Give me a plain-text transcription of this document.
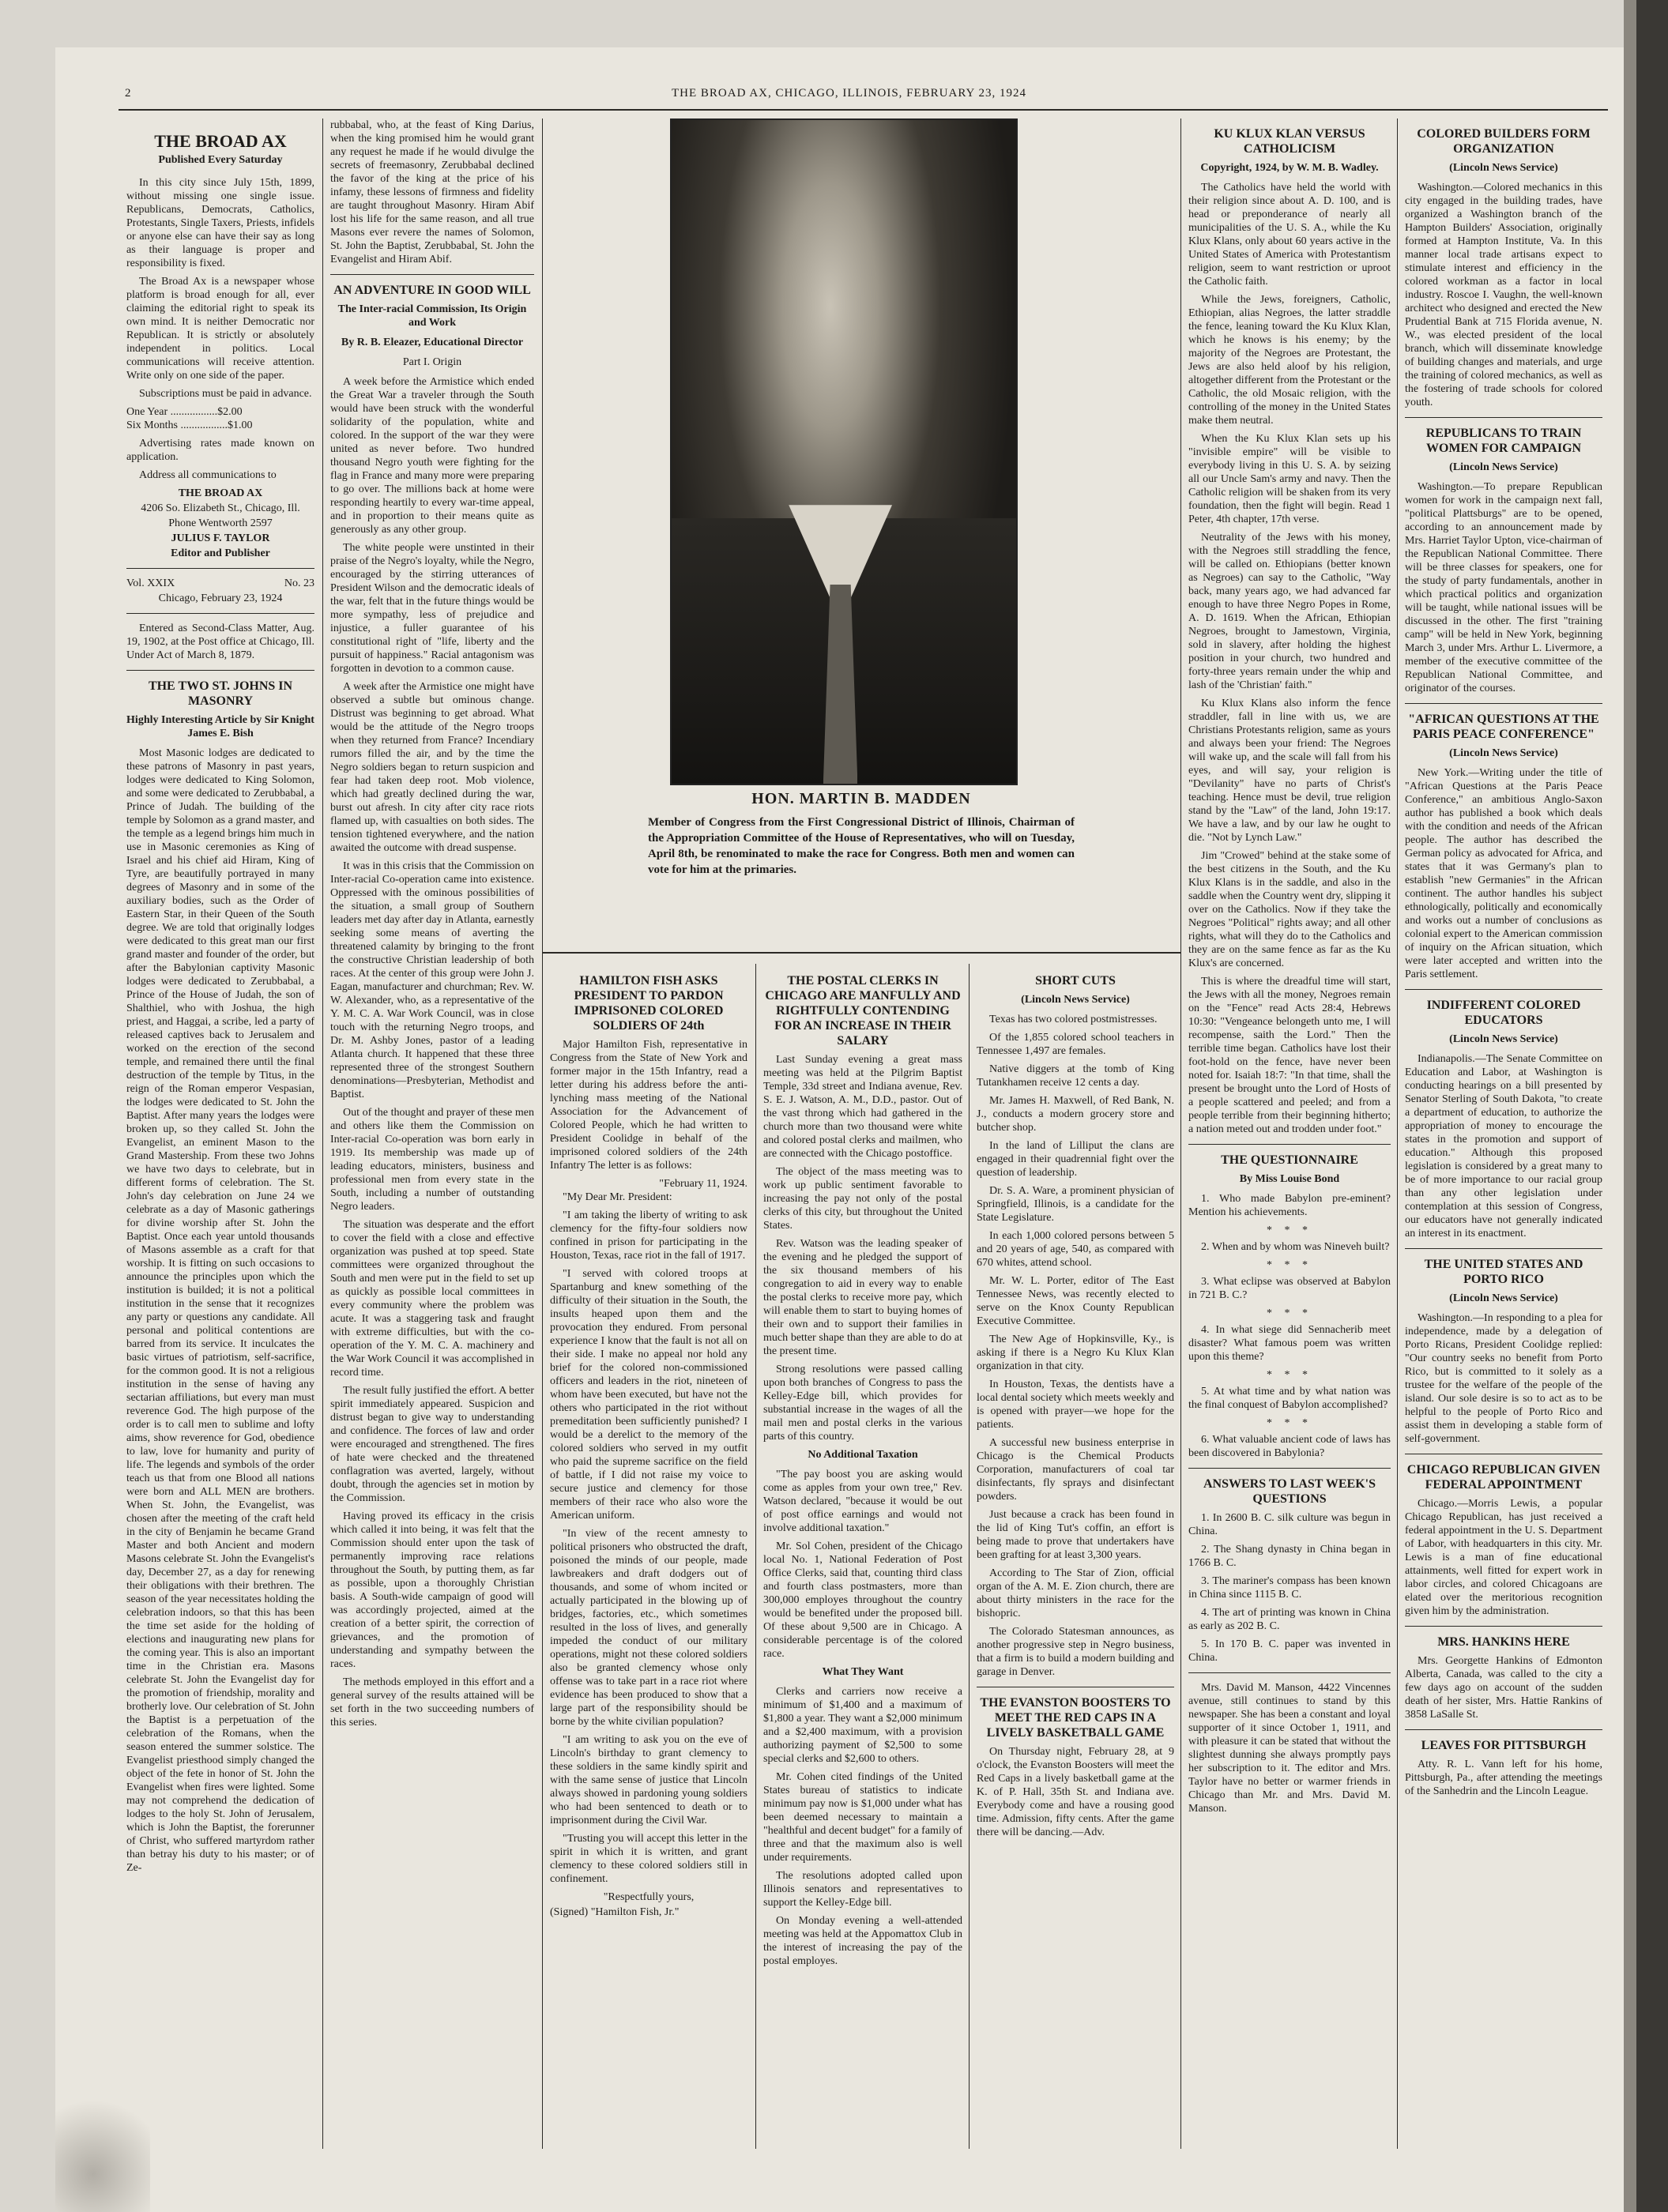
2	THE BROAD AX, CHICAGO, ILLINOIS, FEBRUARY 23, 1924
THE BROAD AX
Published Every Saturday

In this city since July 15th, 1899, without missing one single issue. Republicans, Democrats, Catholics, Protestants, Single Taxers, Priests, infidels or anyone else can have their say as long as their language is proper and responsibility is fixed.

The Broad Ax is a newspaper whose platform is broad enough for all, ever claiming the editorial right to speak its own mind. It is neither Democratic nor Republican. It is strictly or absolutely independent in politics. Local communications will receive attention. Write only on one side of the paper.

Subscriptions must be paid in advance.

One Year .................$2.00
Six Months .................$1.00

Advertising rates made known on application.

Address all communications to

THE BROAD AX
4206 So. Elizabeth St., Chicago, Ill.
Phone Wentworth 2597
JULIUS F. TAYLOR
Editor and Publisher
Vol. XXIX	No. 23
Chicago, February 23, 1924

Entered as Second-Class Matter, Aug. 19, 1902, at the Post office at Chicago, Ill. Under Act of March 8, 1879.

THE TWO ST. JOHNS IN MASONRY
Highly Interesting Article by Sir Knight James E. Bish

Most Masonic lodges are dedicated to these patrons of Masonry in past years, lodges were dedicated to King Solomon, and some were dedicated to Zerubbabal, a Prince of Judah. The building of the temple by Solomon as a grand master, and the temple as a legend brings him much in use in Masonic ceremonies as King of Israel and his chief aid Hiram, King of Tyre, are beautifully portrayed in many degrees of Masonry and in some of the auxiliary bodies, such as the Order of Eastern Star, in their Queen of the South degree. We are told that originally lodges were dedicated to this great man our first grand master and founder of the order, but after the Babylonian captivity Masonic lodges were dedicated to Zerubbabal, a Prince of the House of Judah, the son of Shalthiel, who with Joshua, the high priest, and Haggai, a scribe, led a party of released captives back to Jerusalem and worked on the erection of the second temple, and remained there until the final destruction of the temple by Titus, in the reign of the Roman emperor Vespasian, the lodges were dedicated to St. John the Baptist. After many years the lodges were broken up, so they called St. John the Evangelist, an eminent Mason to the Grand Mastership. From these two Johns we have two days to celebrate, but in different forms of celebration. The St. John's day celebration on June 24 we celebrate as a day of Masonic gatherings for divine worship after St. John the Baptist. Once each year untold thousands of Masons assemble as a craft for that worship. It is fitting on such occasions to announce the principles upon which the institution is builded; it is not a political institution in the sense that it recognizes any party or questions any candidate. All personal and political contentions are barred from its service. It inculcates the basic virtues of patriotism, self-sacrifice, for the common good. It is not a religious institution in the sense of having any sectarian affiliations, but every man must reverence God. The high purpose of the order is to call men to sublime and lofty aims, show reverence for God, obedience to law, love for humanity and purity of life. The legends and symbols of the order teach us that from one Blood all nations were born and ALL MEN are brothers. When St. John, the Evangelist, was chosen after the meeting of the craft held in the city of Benjamin he became Grand Master and both Ancient and modern Masons celebrate St. John the Evangelist's day, December 27, as a day for renewing their obligations with their brethren. The season of the year necessitates holding the celebration indoors, so that this has been the time set aside for the holding of elections and inaugurating new plans for the coming year. This is also an important time in the Christian era. Masons celebrate St. John the Evangelist day for the promotion of friendship, morality and brotherly love. Our celebration of St. John the Baptist is a perpetuation of the celebration of the Romans, when the season entered the summer solstice. The Evangelist priesthood simply changed the object of the fete in honor of St. John the Evangelist when fires were lighted. Some may not comprehend the dedication of lodges to the holy St. John of Jerusalem, which is John the Baptist, the forerunner of Christ, who suffered martyrdom rather than betray his duty to his master; or of Ze-

rubbabal, who, at the feast of King Darius, when the king promised him he would grant any request he made if he would divulge the secrets of freemasonry, Zerubbabal declined the favor of the king at the price of his infamy, these lessons of firmness and fidelity are taught throughout Masonry. Hiram Abif lost his life for the same reason, and all true Masons ever revere the names of Solomon, St. John the Baptist, Zerubbabal, St. John the Evangelist and Hiram Abif.

AN ADVENTURE IN GOOD WILL
The Inter-racial Commission, Its Origin and Work
By R. B. Eleazer, Educational Director
Part I. Origin

A week before the Armistice which ended the Great War a traveler through the South would have been struck with the wonderful solidarity of the population, white and colored. In the support of the war they were united as never before. Two hundred thousand Negro youth were fighting for the flag in France and many more were preparing to go over. The millions back at home were responding heartily to every war-time appeal, and in proportion to their means quite as generously as any other group.

The white people were unstinted in their praise of the Negro's loyalty, while the Negro, encouraged by the stirring utterances of President Wilson and the democratic ideals of the war, felt that in the future things would be more sympathy, less of prejudice and injustice, a fuller guarantee of his constitutional right of "life, liberty and the pursuit of happiness." Racial antagonism was forgotten in devotion to a common cause.

A week after the Armistice one might have observed a subtle but ominous change. Distrust was beginning to get abroad. What would be the attitude of the Negro troops when they returned from France? Incendiary rumors filled the air, and by the time the Negro soldiers began to return suspicion and fear had taken deep root. Mob violence, which had greatly declined during the war, burst out afresh. In city after city race riots flamed up, with casualties on both sides. The tension tightened everywhere, and the nation awaited the outcome with dread suspense.

It was in this crisis that the Commission on Inter-racial Co-operation came into existence. Oppressed with the ominous possibilities of the situation, a small group of Southern leaders met day after day in Atlanta, earnestly seeking some means of averting the threatened calamity by bringing to the front the constructive Christian leadership of both races. At the center of this group were John J. Eagan, manufacturer and churchman; Rev. W. W. Alexander, who, as a representative of the Y. M. C. A. War Work Council, was in close touch with the returning Negro troops, and Dr. M. Ashby Jones, pastor of a leading Atlanta church. It happened that these three represented three of the strongest Southern denominations—Presbyterian, Methodist and Baptist.

Out of the thought and prayer of these men and others like them the Commission on Inter-racial Co-operation was born early in 1919. Its membership was made up of leading educators, ministers, business and professional men from every state in the South, including a number of outstanding Negro leaders.

The situation was desperate and the effort to cover the field with a close and effective organization was pushed at top speed. State committees were organized throughout the South and men were put in the field to set up as quickly as possible local committees in every community where the problem was acute. It was a staggering task and fraught with extreme difficulties, but with the co-operation of the Y. M. C. A. machinery and the War Work Council it was accomplished in record time.

The result fully justified the effort. A better spirit immediately appeared. Suspicion and distrust began to give way to understanding and confidence. The forces of law and order were encouraged and strengthened. The fires of hate were checked and the threatened conflagration was averted, largely, without doubt, through the agencies set in motion by the Commission.

Having proved its efficacy in the crisis which called it into being, it was felt that the Commission should enter upon the task of permanently improving race relations throughout the South, by putting them, as far as possible, upon a thoroughly Christian basis. A South-wide campaign of good will was accordingly projected, aimed at the creation of a better spirit, the correction of grievances, and the promotion of understanding and sympathy between the races.

The methods employed in this effort and a general survey of the results attained will be set forth in the two succeeding numbers of this series.

HON. MARTIN B. MADDEN
Member of Congress from the First Congressional District of Illinois, Chairman of the Appropriation Committee of the House of Representatives, who will on Tuesday, April 8th, be renominated to make the race for Congress. Both men and women can vote for him at the primaries.
HAMILTON FISH ASKS PRESIDENT TO PARDON IMPRISONED COLORED SOLDIERS OF 24th

Major Hamilton Fish, representative in Congress from the State of New York and former major in the 15th Infantry, read a letter during his address before the anti-lynching mass meeting of the National Association for the Advancement of Colored People, which he had written to President Coolidge in behalf of the imprisoned colored soldiers of the 24th Infantry The letter is as follows:

"February 11, 1924.

"My Dear Mr. President:

"I am taking the liberty of writing to ask clemency for the fifty-four soldiers now confined in prison for participating in the Houston, Texas, race riot in the fall of 1917.

"I served with colored troops at Spartanburg and knew something of the difficulty of their situation in the South, the insults heaped upon them and the provocation they endured. From personal experience I know that the fault is not all on their side. I make no appeal nor hold any brief for the colored non-commissioned officers and leaders in the riot, nineteen of whom have been executed, but have not the others who participated in the riot without premeditation been sufficiently punished? I would be a derelict to the memory of the colored soldiers who served in my outfit who paid the supreme sacrifice on the field of battle, if I did not raise my voice to secure justice and clemency for those members of their race who also wore the American uniform.

"In view of the recent amnesty to political prisoners who obstructed the draft, poisoned the minds of our people, made lawbreakers and draft dodgers out of thousands, and some of whom incited or actually participated in the blowing up of bridges, factories, etc., which sometimes resulted in the loss of lives, and generally impeded the conduct of our military operations, might not these colored soldiers also be granted clemency whose only offense was to take part in a race riot where evidence has been produced to show that a large part of the responsibility should be borne by the white civilian population?

"I am writing to ask you on the eve of Lincoln's birthday to grant clemency to these soldiers in the same kindly spirit and with the same sense of justice that Lincoln always showed in pardoning young soldiers who had been sentenced to death or to imprisonment during the Civil War.

"Trusting you will accept this letter in the spirit in which it is written, and grant clemency to these colored soldiers still in confinement.

"Respectfully yours,
(Signed) "Hamilton Fish, Jr."
THE POSTAL CLERKS IN CHICAGO ARE MANFULLY AND RIGHTFULLY CONTENDING FOR AN INCREASE IN THEIR SALARY

Last Sunday evening a great mass meeting was held at the Pilgrim Baptist Temple, 33d street and Indiana avenue, Rev. S. E. J. Watson, A. M., D.D., pastor. Out of the vast throng which had gathered in the church more than two thousand were white and colored postal clerks and mailmen, who are connected with the Chicago postoffice.

The object of the mass meeting was to work up public sentiment favorable to increasing the pay not only of the postal clerks of this city, but throughout the United States.

Rev. Watson was the leading speaker of the evening and he pledged the support of the six thousand members of his congregation to aid in every way to enable the postal clerks to receive more pay, which will enable them to start to buying homes of their own and to support their families in much better shape than they are able to do at the present time.

Strong resolutions were passed calling upon both branches of Congress to pass the Kelley-Edge bill, which provides for substantial increase in the wages of all the mail men and postal clerks in the various parts of this country.

No Additional Taxation

"The pay boost you are asking would come as apples from your own tree," Rev. Watson declared, "because it would be out of post office earnings and would not involve additional taxation."

Mr. Sol Cohen, president of the Chicago local No. 1, National Federation of Post Office Clerks, said that, counting third class and fourth class postmasters, more than 300,000 employes throughout the country would be benefited under the proposed bill. Of these about 9,500 are in Chicago. A considerable percentage is of the colored race.

What They Want

Clerks and carriers now receive a minimum of $1,400 and a maximum of $1,800 a year. They want a $2,000 minimum and a $2,400 maximum, with a provision authorizing payment of $2,500 to some special clerks and $2,600 to others.

Mr. Cohen cited findings of the United States bureau of statistics to indicate minimum pay now is $1,000 under what has been deemed necessary to maintain a "healthful and decent budget" for a family of three and that the maximum also is well under requirements.

The resolutions adopted called upon Illinois senators and representatives to support the Kelley-Edge bill.

On Monday evening a well-attended meeting was held at the Appomattox Club in the interest of increasing the pay of the postal employes.

SHORT CUTS
(Lincoln News Service)

Texas has two colored postmistresses.

Of the 1,855 colored school teachers in Tennessee 1,497 are females.

Native diggers at the tomb of King Tutankhamen receive 12 cents a day.

Mr. James H. Maxwell, of Red Bank, N. J., conducts a modern grocery store and butcher shop.

In the land of Lilliput the clans are engaged in their quadrennial fight over the question of leadership.

Dr. S. A. Ware, a prominent physician of Springfield, Illinois, is a candidate for the State Legislature.

In each 1,000 colored persons between 5 and 20 years of age, 540, as compared with 670 whites, attend school.

Mr. W. L. Porter, editor of The East Tennessee News, was recently elected to serve on the Knox County Republican Executive Committee.

The New Age of Hopkinsville, Ky., is asking if there is a Negro Ku Klux Klan organization in that city.

In Houston, Texas, the dentists have a local dental society which meets weekly and is opened with prayer—we hope for the patients.

A successful new business enterprise in Chicago is the Chemical Products Corporation, manufacturers of coal tar disinfectants, fly sprays and disinfectant powders.

Just because a crack has been found in the lid of King Tut's coffin, an effort is being made to prove that undertakers have been grafting for at least 3,300 years.

According to The Star of Zion, official organ of the A. M. E. Zion church, there are about thirty ministers in the race for the bishopric.

The Colorado Statesman announces, as another progressive step in Negro business, that a firm is to build a modern building and garage in Denver.

THE EVANSTON BOOSTERS TO MEET THE RED CAPS IN A LIVELY BASKETBALL GAME

On Thursday night, February 28, at 9 o'clock, the Evanston Boosters will meet the Red Caps in a lively basketball game at the K. of P. Hall, 35th St. and Indiana ave. Everybody come and have a rousing good time. Admission, fifty cents. After the game there will be dancing.—Adv.

KU KLUX KLAN VERSUS CATHOLICISM
Copyright, 1924, by W. M. B. Wadley.

The Catholics have held the world with their religion since about A. D. 100, and is head or preponderance of nearly all municipalities of the U. S. A., while the Ku Klux Klans, only about 60 years active in the United States of America with Protestantism religion, seem to want restriction or uproot the Catholic faith.

While the Jews, foreigners, Catholic, Ethiopian, alias Negroes, the latter straddle the fence, leaning toward the Ku Klux Klan, which he knows is his enemy; by the majority of the Negroes are Protestant, the Jews are also held aloof by his religion, altogether different from the Protestant or the Catholic, the old Mosaic religion, with the controlling of the money in the United States make them neutral.

When the Ku Klux Klan sets up his "invisible empire" will be visible to everybody living in this U. S. A. by seizing all our Uncle Sam's army and navy. Then the Catholic religion will be shaken from its very foundation, then the fight will begin. Read 1 Peter, 4th chapter, 17th verse.

Neutrality of the Jews with his money, with the Negroes still straddling the fence, will be called on. Ethiopians (better known as Negroes) can say to the Catholic, "Way back, many years ago, we had advanced far enough to have three Negro Popes in Rome, A. D. 1619. When the African, Ethiopian Negroes, brought to Jamestown, Virginia, sold in slavery, after holding the highest position in your church, two hundred and forty-three years remain under the whip and lash of the 'Christian' faith."

Ku Klux Klans also inform the fence straddler, fall in line with us, we are Christians Protestants religion, same as yours and always been your friend: The Negroes will wake up, and the scale will fall from his eyes, and will say, your religion is "Devilanity" have no parts of Christ's teaching. Hence must be devil, true religion stand by the "Law" of the land, John 19:17. We have a law, and by our law he ought to die. "Not by Lynch Law."

Jim "Crowed" behind at the stake some of the best citizens in the South, and the Ku Klux Klans is in the saddle, and also in the saddle when the Country went dry, slipping it over on the Catholics. Now if they take the Negroes "Political" rights away; and all other rights, what will they do to the Catholics and they are on the same fence as far as the Ku Klux's are concerned.

This is where the dreadful time will start, the Jews with all the money, Negroes remain on the "Fence" read Acts 28:4, Hebrews 10:30: "Vengeance belongeth unto me, I will recompense, saith the Lord." Then the terrible time began. Catholics have lost their foot-hold on the fence, have never been noted for. Isaiah 18:7: "In that time, shall the present be brought unto the Lord of Hosts of a people scattered and peeled; and from a people terrible from their beginning hitherto; a nation meted out and trodden under foot."

THE QUESTIONNAIRE
By Miss Louise Bond

1. Who made Babylon pre-eminent? Mention his achievements.

* * *

2. When and by whom was Nineveh built?

* * *

3. What eclipse was observed at Babylon in 721 B. C.?

* * *

4. In what siege did Sennacherib meet disaster? What famous poem was written upon this theme?

* * *

5. At what time and by what nation was the final conquest of Babylon accomplished?

* * *

6. What valuable ancient code of laws has been discovered in Babylonia?

ANSWERS TO LAST WEEK'S QUESTIONS

1. In 2600 B. C. silk culture was begun in China.

2. The Shang dynasty in China began in 1766 B. C.

3. The mariner's compass has been known in China since 1115 B. C.

4. The art of printing was known in China as early as 202 B. C.

5. In 170 B. C. paper was invented in China.

Mrs. David M. Manson, 4422 Vincennes avenue, still continues to stand by this newspaper. She has been a constant and loyal supporter of it since October 1, 1911, and with pleasure it can be stated that without the slightest dunning she always promptly pays her subscription to it. The editor and Mrs. Taylor have no better or warmer friends in Chicago than Mr. and Mrs. David M. Manson.

COLORED BUILDERS FORM ORGANIZATION
(Lincoln News Service)

Washington.—Colored mechanics in this city engaged in the building trades, have organized a Washington branch of the Hampton Builders' Association, originally formed at Hampton Institute, Va. In this manner local trade artisans expect to stimulate interest and efficiency in the colored workman as a factor in local industry. Roscoe I. Vaughn, the well-known architect who designed and erected the New Prudential Bank at 715 Florida avenue, N. W., was elected president of the local branch, which will disseminate knowledge of building changes and materials, and urge the training of colored mechanics, as well as the fostering of trade schools for colored youth.

REPUBLICANS TO TRAIN WOMEN FOR CAMPAIGN
(Lincoln News Service)

Washington.—To prepare Republican women for work in the campaign next fall, "political Plattsburgs" are to be opened, according to an announcement made by Mrs. Harriet Taylor Upton, vice-chairman of the Republican National Committee. There will be three classes for speakers, one for the study of party fundamentals, another in which practical politics and organization will be taught, while national issues will be discussed in the other. The first "training camp" will be held in New York, beginning March 3, under Mrs. Arthur L. Livermore, a member of the executive committee of the Republican National Committee, and originator of the courses.

"AFRICAN QUESTIONS AT THE PARIS PEACE CONFERENCE"
(Lincoln News Service)

New York.—Writing under the title of "African Questions at the Paris Peace Conference," an ambitious Anglo-Saxon author has published a book which deals with the condition and needs of the African people. The author has described the German policy as advocated for Africa, and states that it was Germany's plan to establish "new Germanies" in the African continent. The author handles his subject ethnologically, politically and economically and works out a number of conclusions as colonial expert to the American commission of inquiry on the African situation, which were later accepted and written into the Paris settlement.

INDIFFERENT COLORED EDUCATORS
(Lincoln News Service)

Indianapolis.—The Senate Committee on Education and Labor, at Washington is conducting hearings on a bill presented by Senator Sterling of South Dakota, "to create a department of education, to authorize the appropriation of money to encourage the states in the promotion and support of education." Although this proposed legislation is considered by a great many to be of more importance to our racial group than any other legislation under contemplation at this session of Congress, our educators have not generally indicated an interest in its enactment.

THE UNITED STATES AND PORTO RICO
(Lincoln News Service)

Washington.—In responding to a plea for independence, made by a delegation of Porto Ricans, President Coolidge replied: "Our country seeks no benefit from Porto Rico, but is committed to it solely as a trustee for the welfare of the people of the island. Our sole desire is so to act as to be helpful to the people of Porto Rico and assist them in developing a stable form of self-government.

CHICAGO REPUBLICAN GIVEN FEDERAL APPOINTMENT

Chicago.—Morris Lewis, a popular Chicago Republican, has just received a federal appointment in the U. S. Department of Labor, with headquarters in this city. Mr. Lewis is a man of fine educational attainments, well fitted for expert work in labor circles, and colored Chicagoans are elated over the meritorious recognition given him by the administration.

MRS. HANKINS HERE

Mrs. Georgette Hankins of Edmonton Alberta, Canada, was called to the city a few days ago on account of the sudden death of her sister, Mrs. Hattie Rankins of 3858 LaSalle St.

LEAVES FOR PITTSBURGH

Atty. R. L. Vann left for his home, Pittsburgh, Pa., after attending the meetings of the Sanhedrin and the Lincoln League.
